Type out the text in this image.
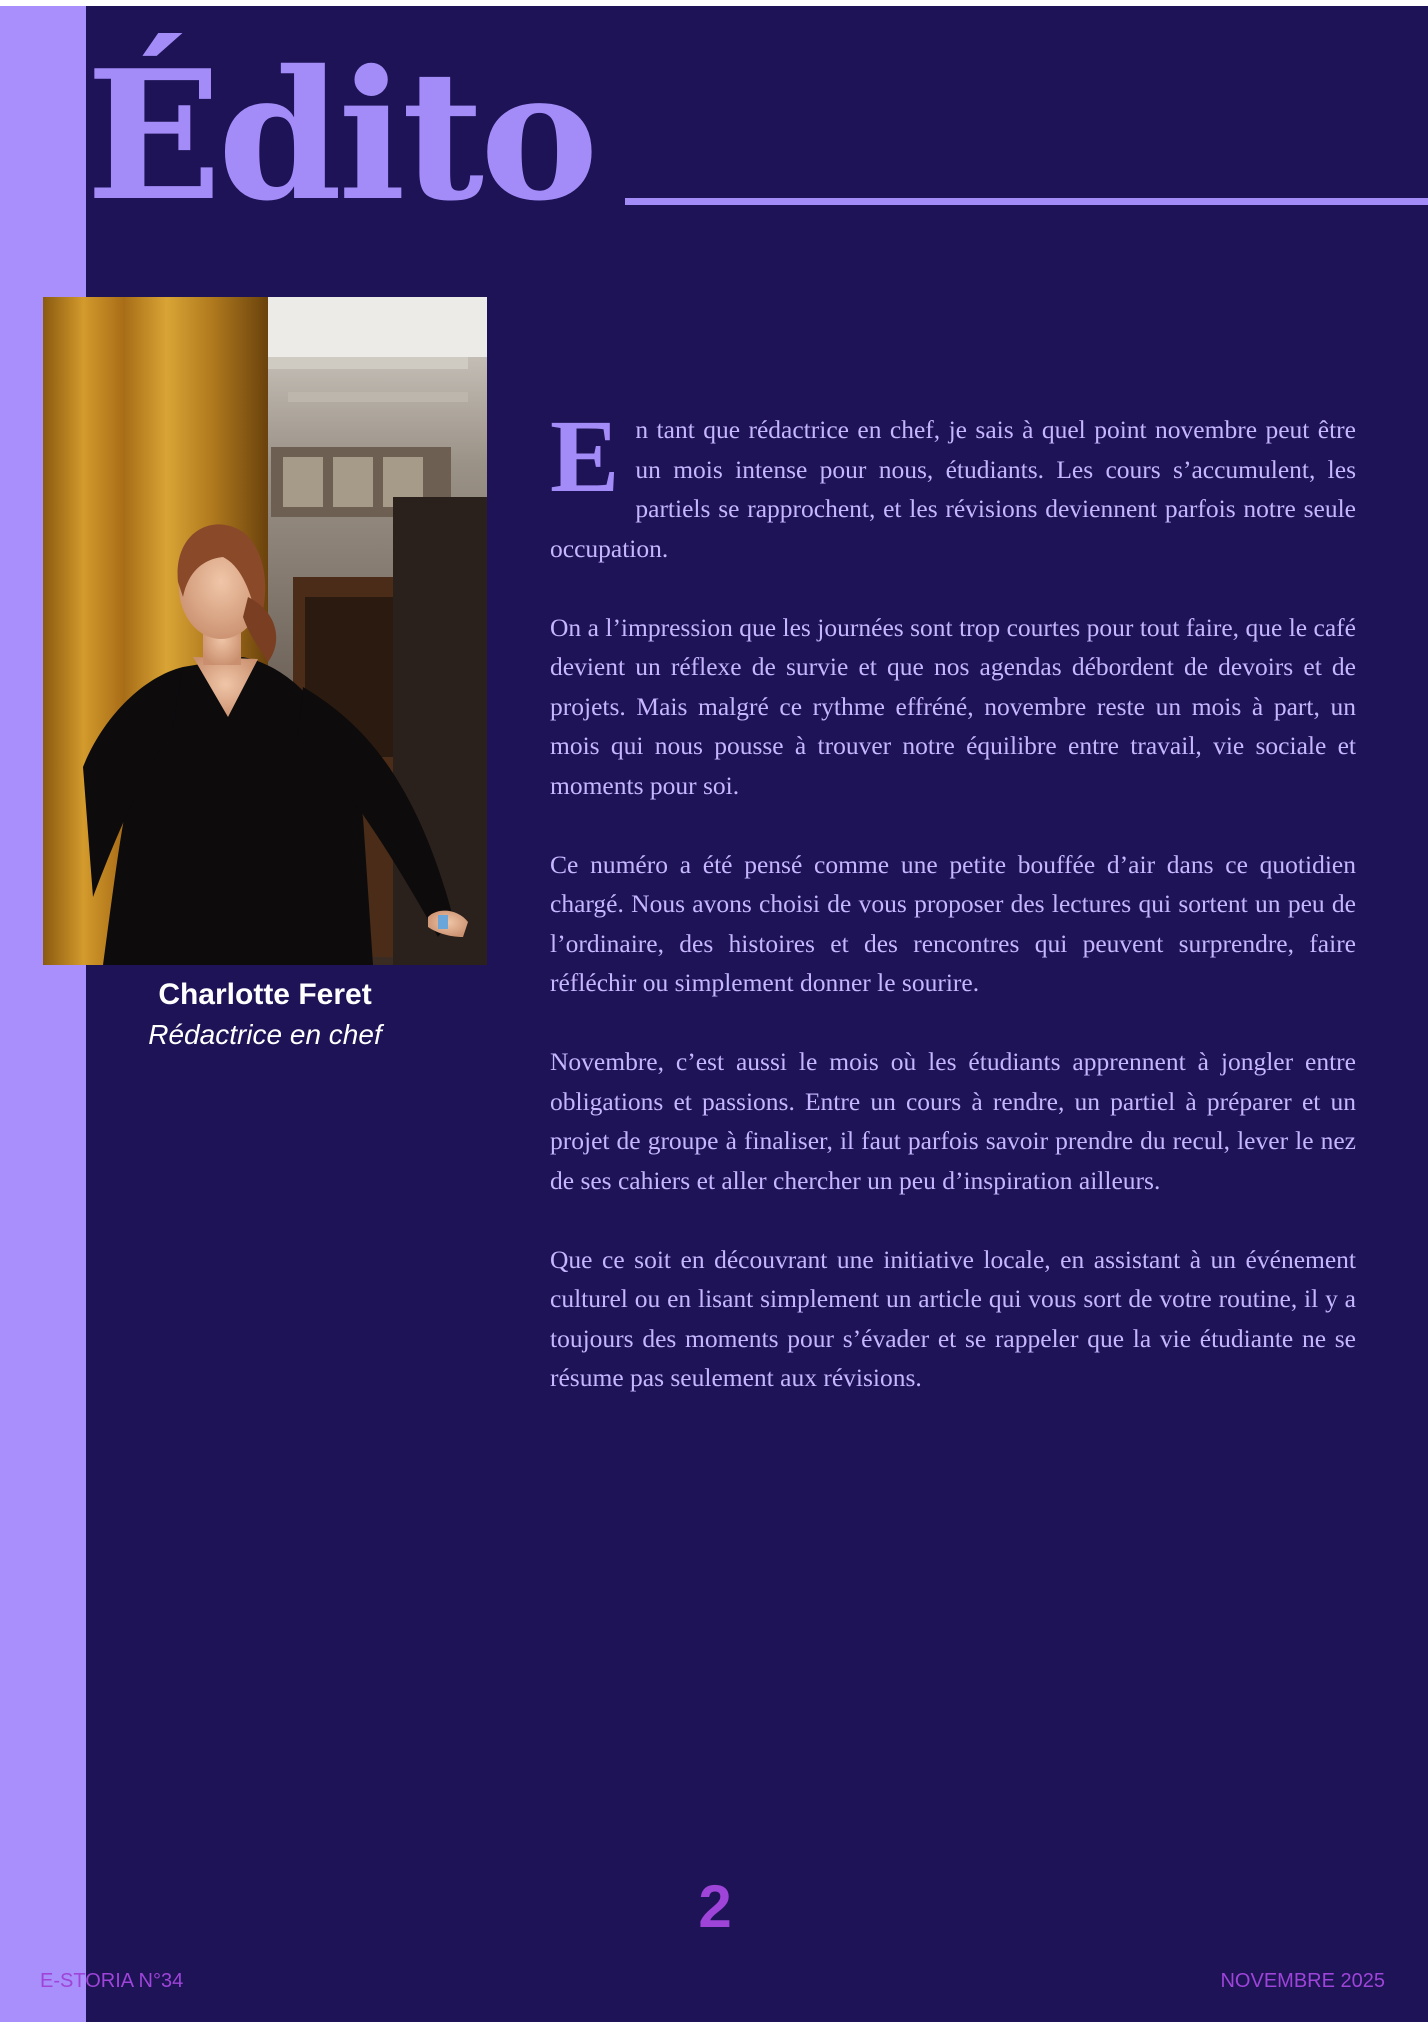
Édito
Charlotte Feret
Rédactrice en chef

En tant que rédactrice en chef, je sais à quel point novembre peut être un mois intense pour nous, étudiants. Les cours s’accumulent, les partiels se rapprochent, et les révisions deviennent parfois notre seule occupation.

On a l’impression que les journées sont trop courtes pour tout faire, que le café devient un réflexe de survie et que nos agendas débordent de devoirs et de projets. Mais malgré ce rythme effréné, novembre reste un mois à part, un mois qui nous pousse à trouver notre équilibre entre travail, vie sociale et moments pour soi.

Ce numéro a été pensé comme une petite bouffée d’air dans ce quotidien chargé. Nous avons choisi de vous proposer des lectures qui sortent un peu de l’ordinaire, des histoires et des rencontres qui peuvent surprendre, faire réfléchir ou simplement donner le sourire.

Novembre, c’est aussi le mois où les étudiants apprennent à jongler entre obligations et passions. Entre un cours à rendre, un partiel à préparer et un projet de groupe à finaliser, il faut parfois savoir prendre du recul, lever le nez de ses cahiers et aller chercher un peu d’inspiration ailleurs.

Que ce soit en découvrant une initiative locale, en assistant à un événement culturel ou en lisant simplement un article qui vous sort de votre routine, il y a toujours des moments pour s’évader et se rappeler que la vie étudiante ne se résume pas seulement aux révisions.

2
E-STORIA N°34	NOVEMBRE 2025
